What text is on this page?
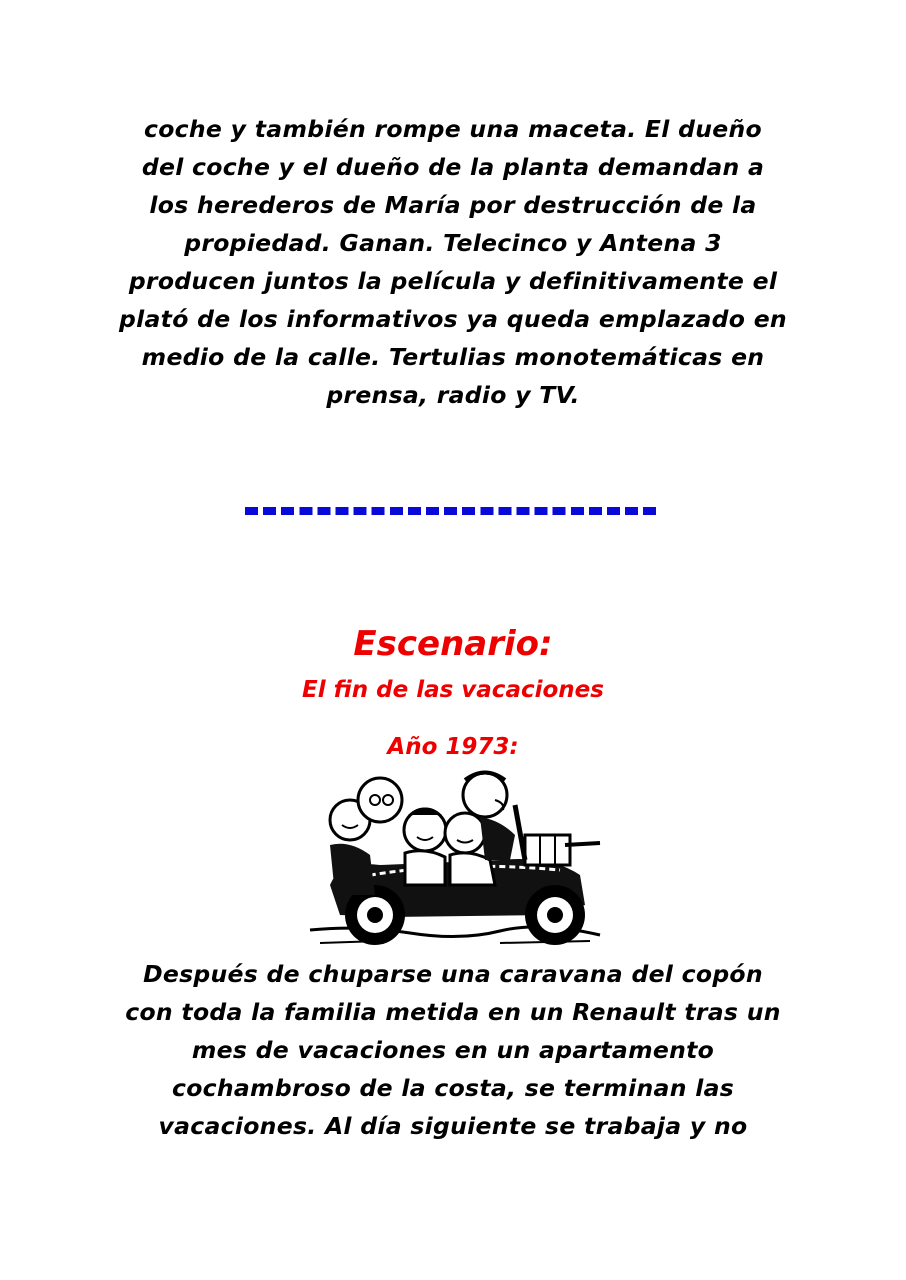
coche y también rompe una maceta. El dueño
del coche y el dueño de la planta demandan a
los herederos de María por destrucción de la
propiedad. Ganan. Telecinco y Antena 3
producen juntos la película y definitivamente el
plató de los informativos ya queda emplazado en
medio de la calle. Tertulias monotemáticas en
prensa, radio y TV.
Escenario:
El fin de las vacaciones
Año 1973:
Después de chuparse una caravana del copón
con toda la familia metida en un Renault tras un
mes de vacaciones en un apartamento
cochambroso de la costa, se terminan las
vacaciones. Al día siguiente se trabaja y no
